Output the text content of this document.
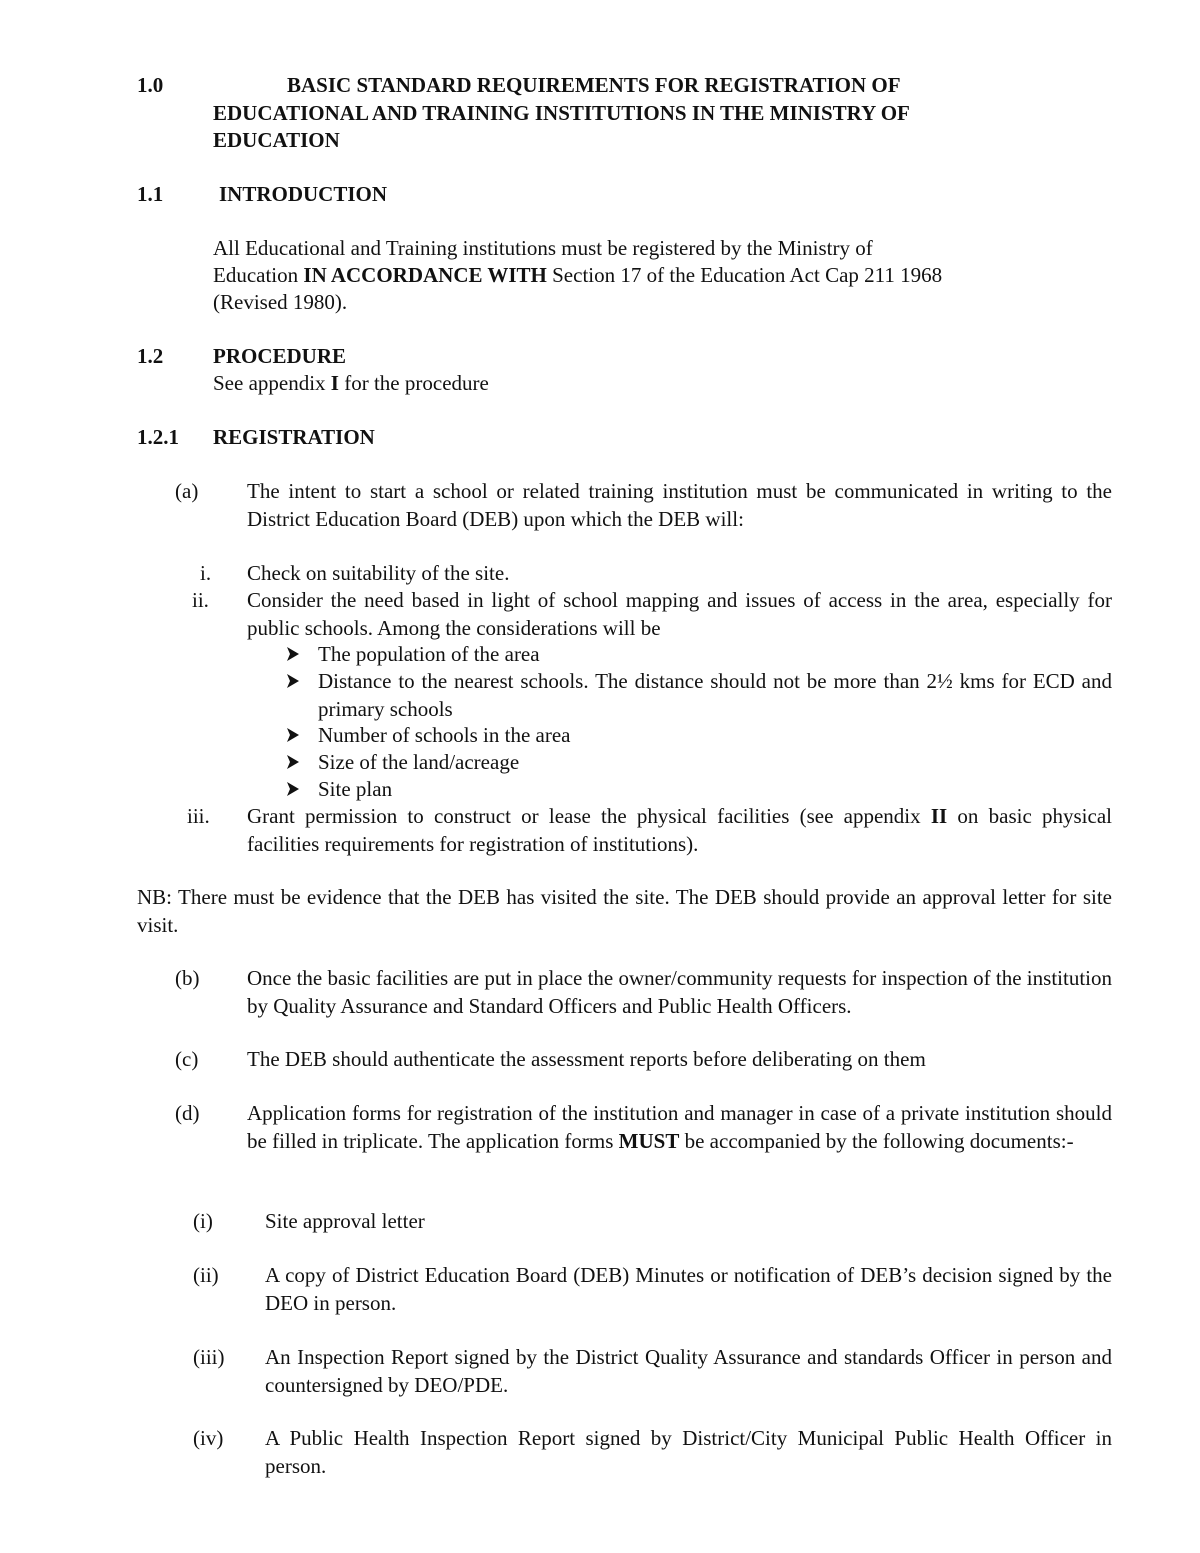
1.0	BASIC STANDARD REQUIREMENTS FOR REGISTRATION OF
EDUCATIONAL AND TRAINING INSTITUTIONS IN THE MINISTRY OF
EDUCATION
1.1	INTRODUCTION
All Educational and Training institutions must be registered by the Ministry of
Education IN ACCORDANCE WITH Section 17 of the Education Act Cap 211 1968
(Revised 1980).
1.2 PROCEDURE
See appendix I for the procedure
1.2.1 REGISTRATION
(a) The intent to start a school or related training institution must be communicated in writing to the District Education Board (DEB) upon which the DEB will:
i. Check on suitability of the site.
ii. Consider the need based in light of school mapping and issues of access in the area, especially for public schools. Among the considerations will be
The population of the area
Distance to the nearest schools. The distance should not be more than 2½ kms for ECD and primary schools
Number of schools in the area
Size of the land/acreage
Site plan
iii. Grant permission to construct or lease the physical facilities (see appendix II on basic physical facilities requirements for registration of institutions).
NB: There must be evidence that the DEB has visited the site. The DEB should provide an approval letter for site visit.
(b) Once the basic facilities are put in place the owner/community requests for inspection of the institution by Quality Assurance and Standard Officers and Public Health Officers.
(c) The DEB should authenticate the assessment reports before deliberating on them
(d) Application forms for registration of the institution and manager in case of a private institution should be filled in triplicate. The application forms MUST be accompanied by the following documents:-
(i) Site approval letter
(ii) A copy of District Education Board (DEB) Minutes or notification of DEB’s decision signed by the DEO in person.
(iii) An Inspection Report signed by the District Quality Assurance and standards Officer in person and countersigned by DEO/PDE.
(iv) A Public Health Inspection Report signed by District/City Municipal Public Health Officer in person.
